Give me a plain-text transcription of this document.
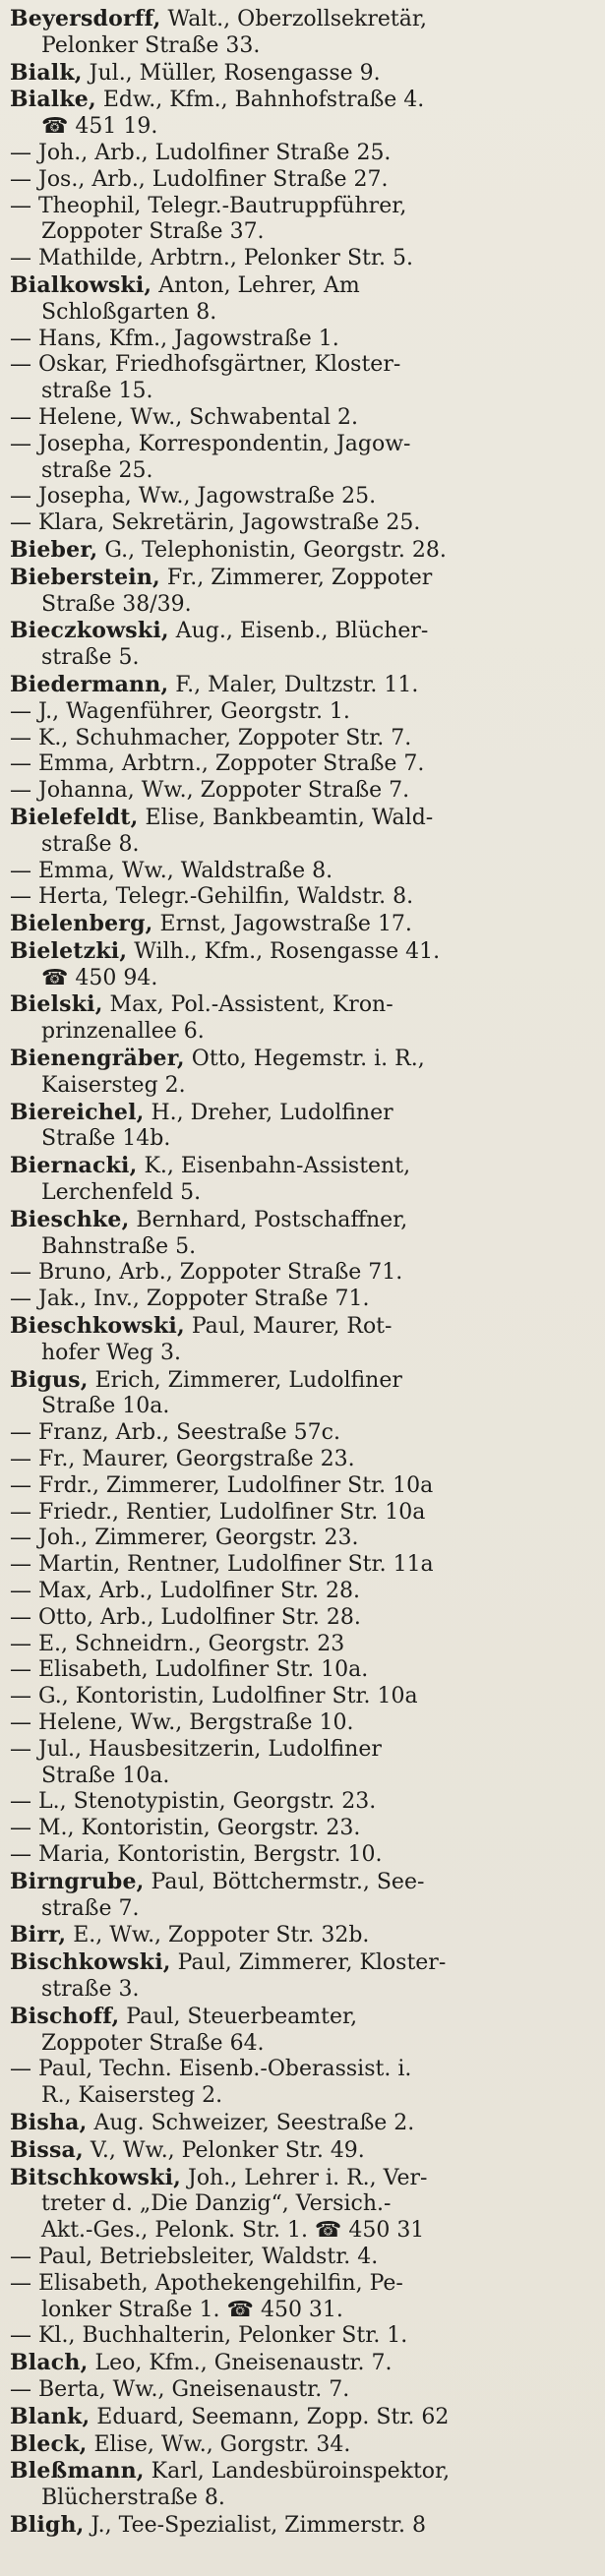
Beyersdorff, Walt., Oberzollsekretär,
Pelonker Straße 33.

Bialk, Jul., Müller, Rosengasse 9.

Bialke, Edw., Kfm., Bahnhofstraße 4.
☎ 451 19.

— Joh., Arb., Ludolfiner Straße 25.

— Jos., Arb., Ludolfiner Straße 27.

— Theophil, Telegr.-Bautruppführer,
Zoppoter Straße 37.

— Mathilde, Arbtrn., Pelonker Str. 5.

Bialkowski, Anton, Lehrer, Am
Schloßgarten 8.

— Hans, Kfm., Jagowstraße 1.

— Oskar, Friedhofsgärtner, Kloster-
straße 15.

— Helene, Ww., Schwabental 2.

— Josepha, Korrespondentin, Jagow-
straße 25.

— Josepha, Ww., Jagowstraße 25.

— Klara, Sekretärin, Jagowstraße 25.

Bieber, G., Telephonistin, Georgstr. 28.

Bieberstein, Fr., Zimmerer, Zoppoter
Straße 38/39.

Bieczkowski, Aug., Eisenb., Blücher-
straße 5.

Biedermann, F., Maler, Dultzstr. 11.

— J., Wagenführer, Georgstr. 1.

— K., Schuhmacher, Zoppoter Str. 7.

— Emma, Arbtrn., Zoppoter Straße 7.

— Johanna, Ww., Zoppoter Straße 7.

Bielefeldt, Elise, Bankbeamtin, Wald-
straße 8.

— Emma, Ww., Waldstraße 8.

— Herta, Telegr.-Gehilfin, Waldstr. 8.

Bielenberg, Ernst, Jagowstraße 17.

Bieletzki, Wilh., Kfm., Rosengasse 41.
☎ 450 94.

Bielski, Max, Pol.-Assistent, Kron-
prinzenallee 6.

Bienengräber, Otto, Hegemstr. i. R.,
Kaisersteg 2.

Biereichel, H., Dreher, Ludolfiner
Straße 14b.

Biernacki, K., Eisenbahn-Assistent,
Lerchenfeld 5.

Bieschke, Bernhard, Postschaffner,
Bahnstraße 5.

— Bruno, Arb., Zoppoter Straße 71.

— Jak., Inv., Zoppoter Straße 71.

Bieschkowski, Paul, Maurer, Rot-
hofer Weg 3.

Bigus, Erich, Zimmerer, Ludolfiner
Straße 10a.

— Franz, Arb., Seestraße 57c.

— Fr., Maurer, Georgstraße 23.

— Frdr., Zimmerer, Ludolfiner Str. 10a

— Friedr., Rentier, Ludolfiner Str. 10a

— Joh., Zimmerer, Georgstr. 23.

— Martin, Rentner, Ludolfiner Str. 11a

— Max, Arb., Ludolfiner Str. 28.

— Otto, Arb., Ludolfiner Str. 28.

— E., Schneidrn., Georgstr. 23

— Elisabeth, Ludolfiner Str. 10a.

— G., Kontoristin, Ludolfiner Str. 10a

— Helene, Ww., Bergstraße 10.

— Jul., Hausbesitzerin, Ludolfiner
Straße 10a.

— L., Stenotypistin, Georgstr. 23.

— M., Kontoristin, Georgstr. 23.

— Maria, Kontoristin, Bergstr. 10.

Birngrube, Paul, Böttchermstr., See-
straße 7.

Birr, E., Ww., Zoppoter Str. 32b.

Bischkowski, Paul, Zimmerer, Kloster-
straße 3.

Bischoff, Paul, Steuerbeamter,
Zoppoter Straße 64.

— Paul, Techn. Eisenb.-Oberassist. i.
R., Kaisersteg 2.

Bisha, Aug. Schweizer, Seestraße 2.

Bissa, V., Ww., Pelonker Str. 49.

Bitschkowski, Joh., Lehrer i. R., Ver-
treter d. „Die Danzig“, Versich.-
Akt.-Ges., Pelonk. Str. 1. ☎ 450 31

— Paul, Betriebsleiter, Waldstr. 4.

— Elisabeth, Apothekengehilfin, Pe-
lonker Straße 1. ☎ 450 31.

— Kl., Buchhalterin, Pelonker Str. 1.

Blach, Leo, Kfm., Gneisenaustr. 7.

— Berta, Ww., Gneisenaustr. 7.

Blank, Eduard, Seemann, Zopp. Str. 62

Bleck, Elise, Ww., Gorgstr. 34.

Bleßmann, Karl, Landesbüroinspektor,
Blücherstraße 8.

Bligh, J., Tee-Spezialist, Zimmerstr. 8
